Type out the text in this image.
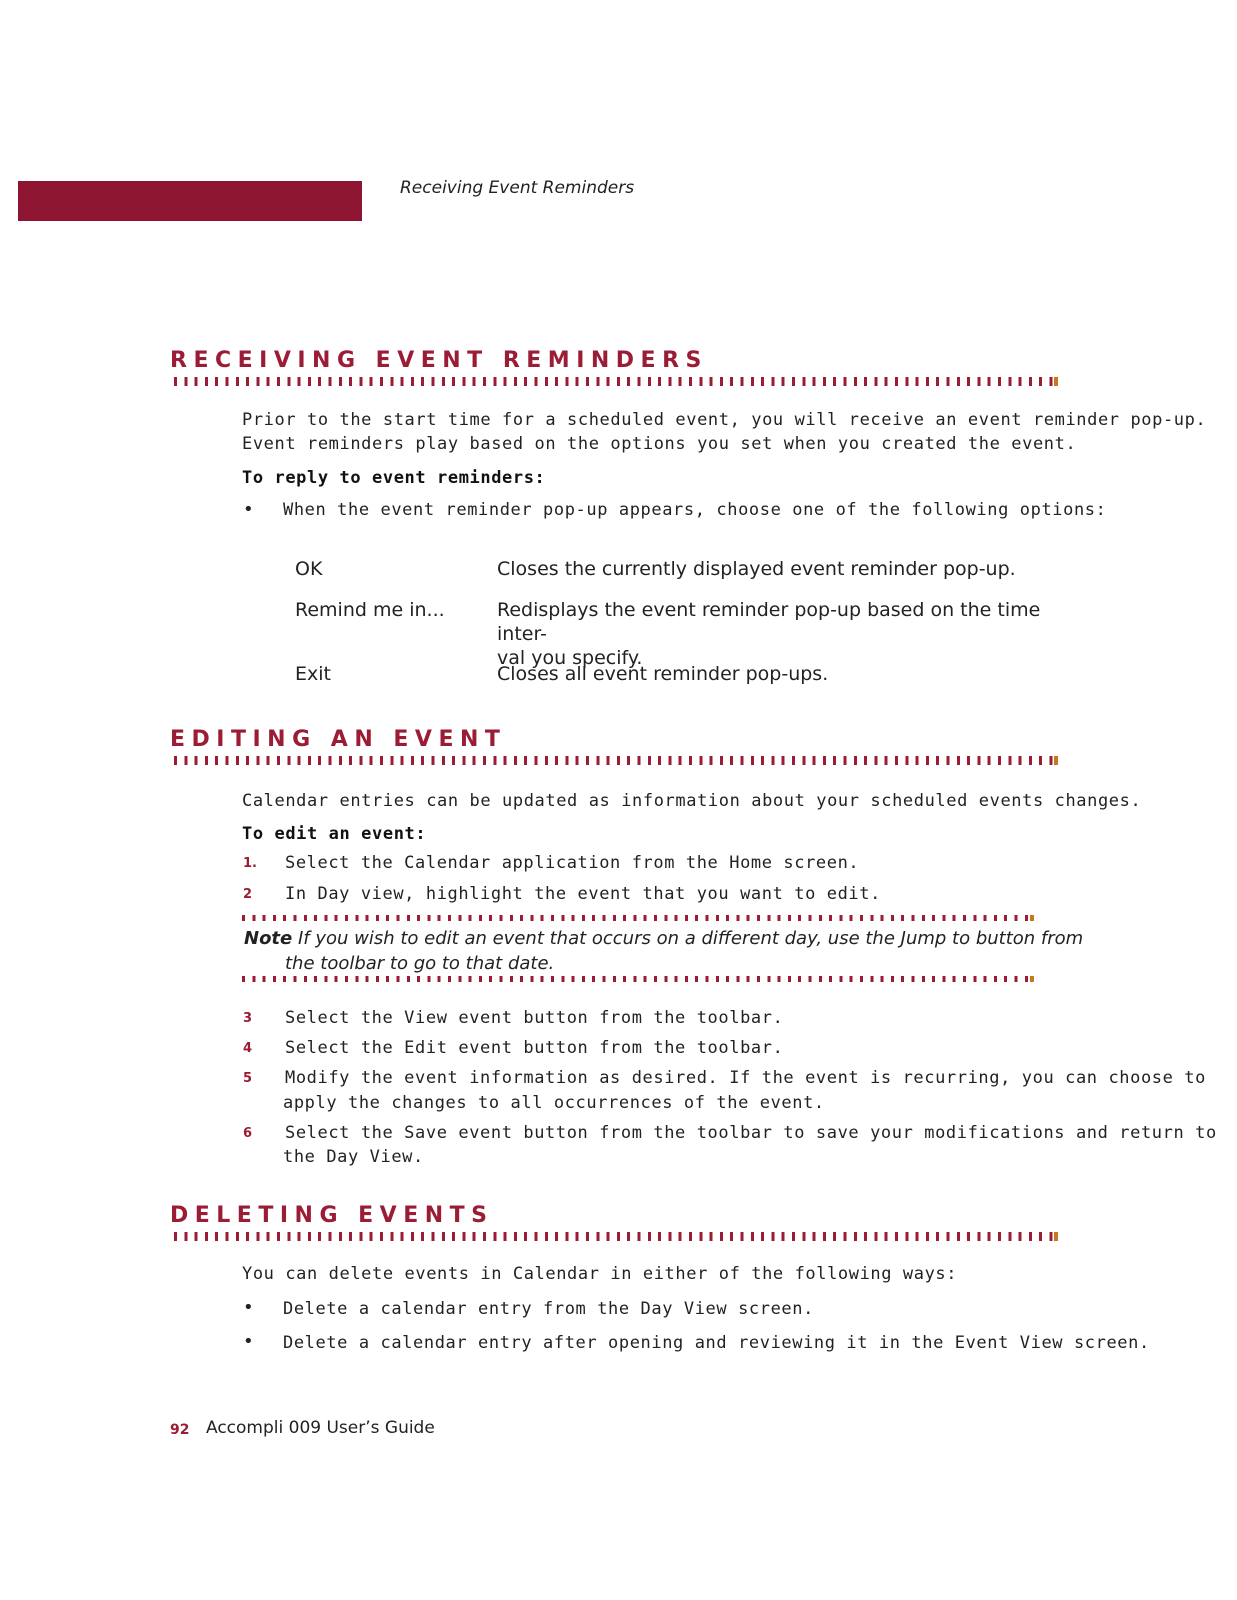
Receiving Event Reminders
RECEIVING EVENT REMINDERS
Prior to the start time for a scheduled event, you will receive an event reminder pop-up.
Event reminders play based on the options you set when you created the event.
To reply to event reminders:
• When the event reminder pop-up appears, choose one of the following options:
OK	Closes the currently displayed event reminder pop-up.
Remind me in...	Redisplays the event reminder pop-up based on the time inter-
val you specify.
Exit	Closes all event reminder pop-ups.
EDITING AN EVENT
Calendar entries can be updated as information about your scheduled events changes.
To edit an event:
1. Select the Calendar application from the Home screen.
2 In Day view, highlight the event that you want to edit.
Note If you wish to edit an event that occurs on a different day, use the Jump to button from
the toolbar to go to that date.
3 Select the View event button from the toolbar.
4 Select the Edit event button from the toolbar.
5 Modify the event information as desired. If the event is recurring, you can choose to
apply the changes to all occurrences of the event.
6 Select the Save event button from the toolbar to save your modifications and return to
the Day View.
DELETING EVENTS
You can delete events in Calendar in either of the following ways:
• Delete a calendar entry from the Day View screen.
• Delete a calendar entry after opening and reviewing it in the Event View screen.
92 Accompli 009 User’s Guide
